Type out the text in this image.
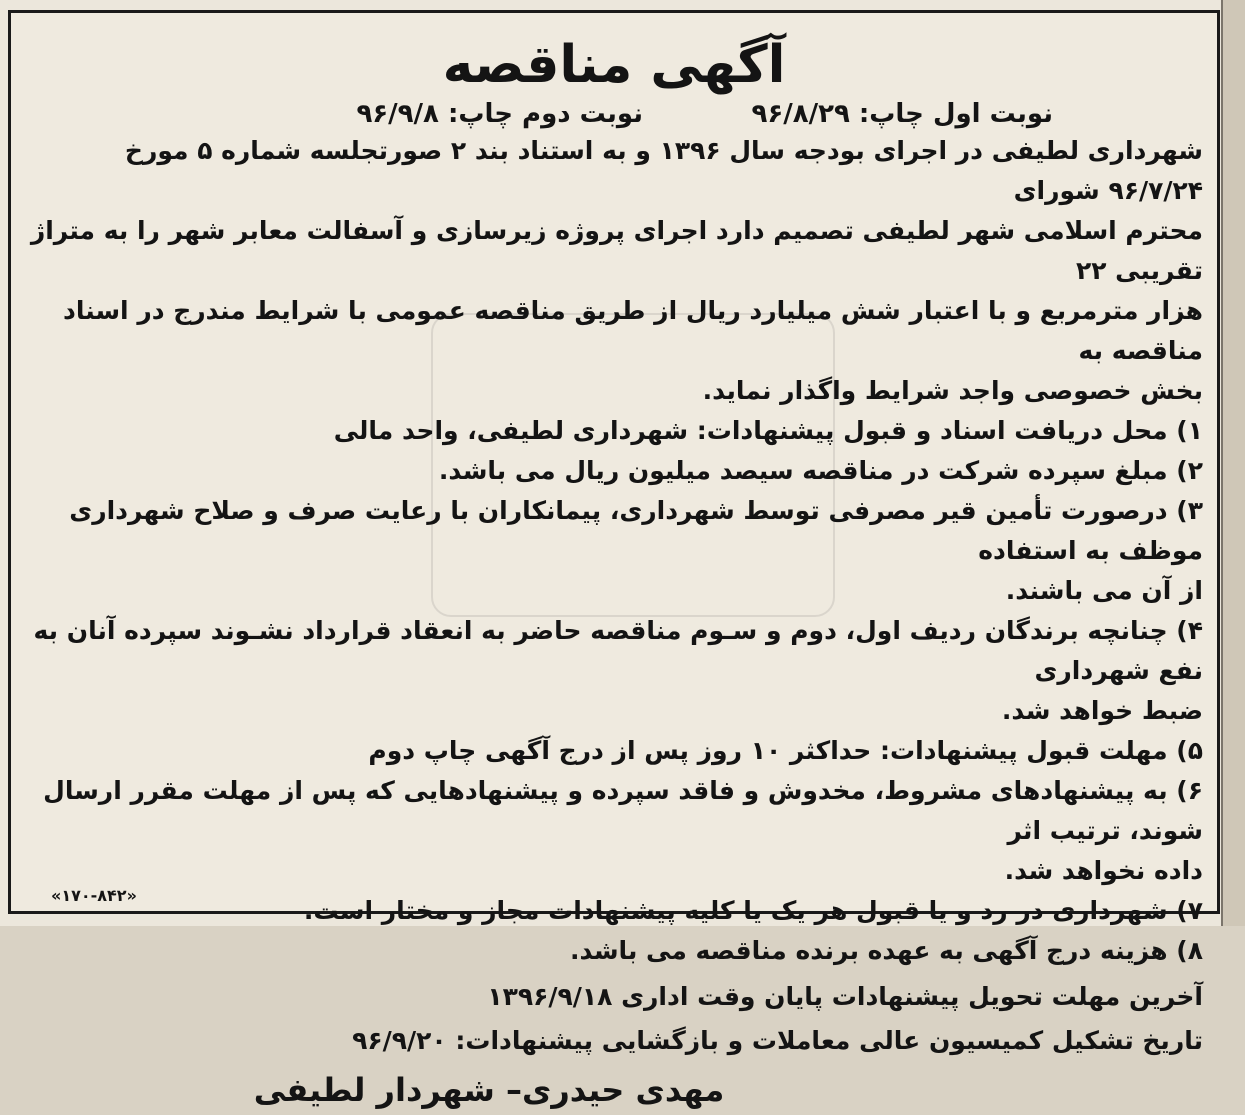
آگهی مناقصه
نوبت اول چاپ: ۹۶/۸/۲۹
نوبت دوم چاپ: ۹۶/۹/۸

شهرداری لطیفی در اجرای بودجه سال ۱۳۹۶ و به استناد بند ۲ صورتجلسه شماره ۵ مورخ ۹۶/۷/۲۴ شورای

محترم اسلامی شهر لطیفی تصمیم دارد اجرای پروژه زیرسازی و آسفالت معابر شهر را به متراژ تقریبی ۲۲

هزار مترمربع و با اعتبار شش میلیارد ریال از طریق مناقصه عمومی با شرایط مندرج در اسناد مناقصه به

بخش خصوصی واجد شرایط واگذار نماید.

۱) محل دریافت اسناد و قبول پیشنهادات: شهرداری لطیفی، واحد مالی

۲) مبلغ سپرده شرکت در مناقصه سیصد میلیون ریال می باشد.

۳) درصورت تأمین قیر مصرفی توسط شهرداری، پیمانکاران با رعایت صرف و صلاح شهرداری موظف به استفاده

از آن می باشند.

۴) چنانچه برندگان ردیف اول، دوم و سـوم مناقصه حاضر به انعقاد قرارداد نشـوند سپرده آنان به نفع شهرداری

ضبط خواهد شد.

۵) مهلت قبول پیشنهادات: حداکثر ۱۰ روز پس از درج آگهی چاپ دوم

۶) به پیشنهادهای مشروط، مخدوش و فاقد سپرده و پیشنهادهایی که پس از مهلت مقرر ارسال شوند، ترتیب اثر

داده نخواهد شد.

۷) شهرداری در رد و یا قبول هر یک یا کلیه پیشنهادات مجاز و مختار است.

۸) هزینه درج آگهی به عهده برنده مناقصه می باشد.

آخرین مهلت تحویل پیشنهادات پایان وقت اداری ۱۳۹۶/۹/۱۸

تاریخ تشکیل کمیسیون عالی معاملات و بازگشایی پیشنهادات: ۹۶/۹/۲۰

مهدی حیدری– شهردار لطیفی
«۱۷۰-۸۴۲»
